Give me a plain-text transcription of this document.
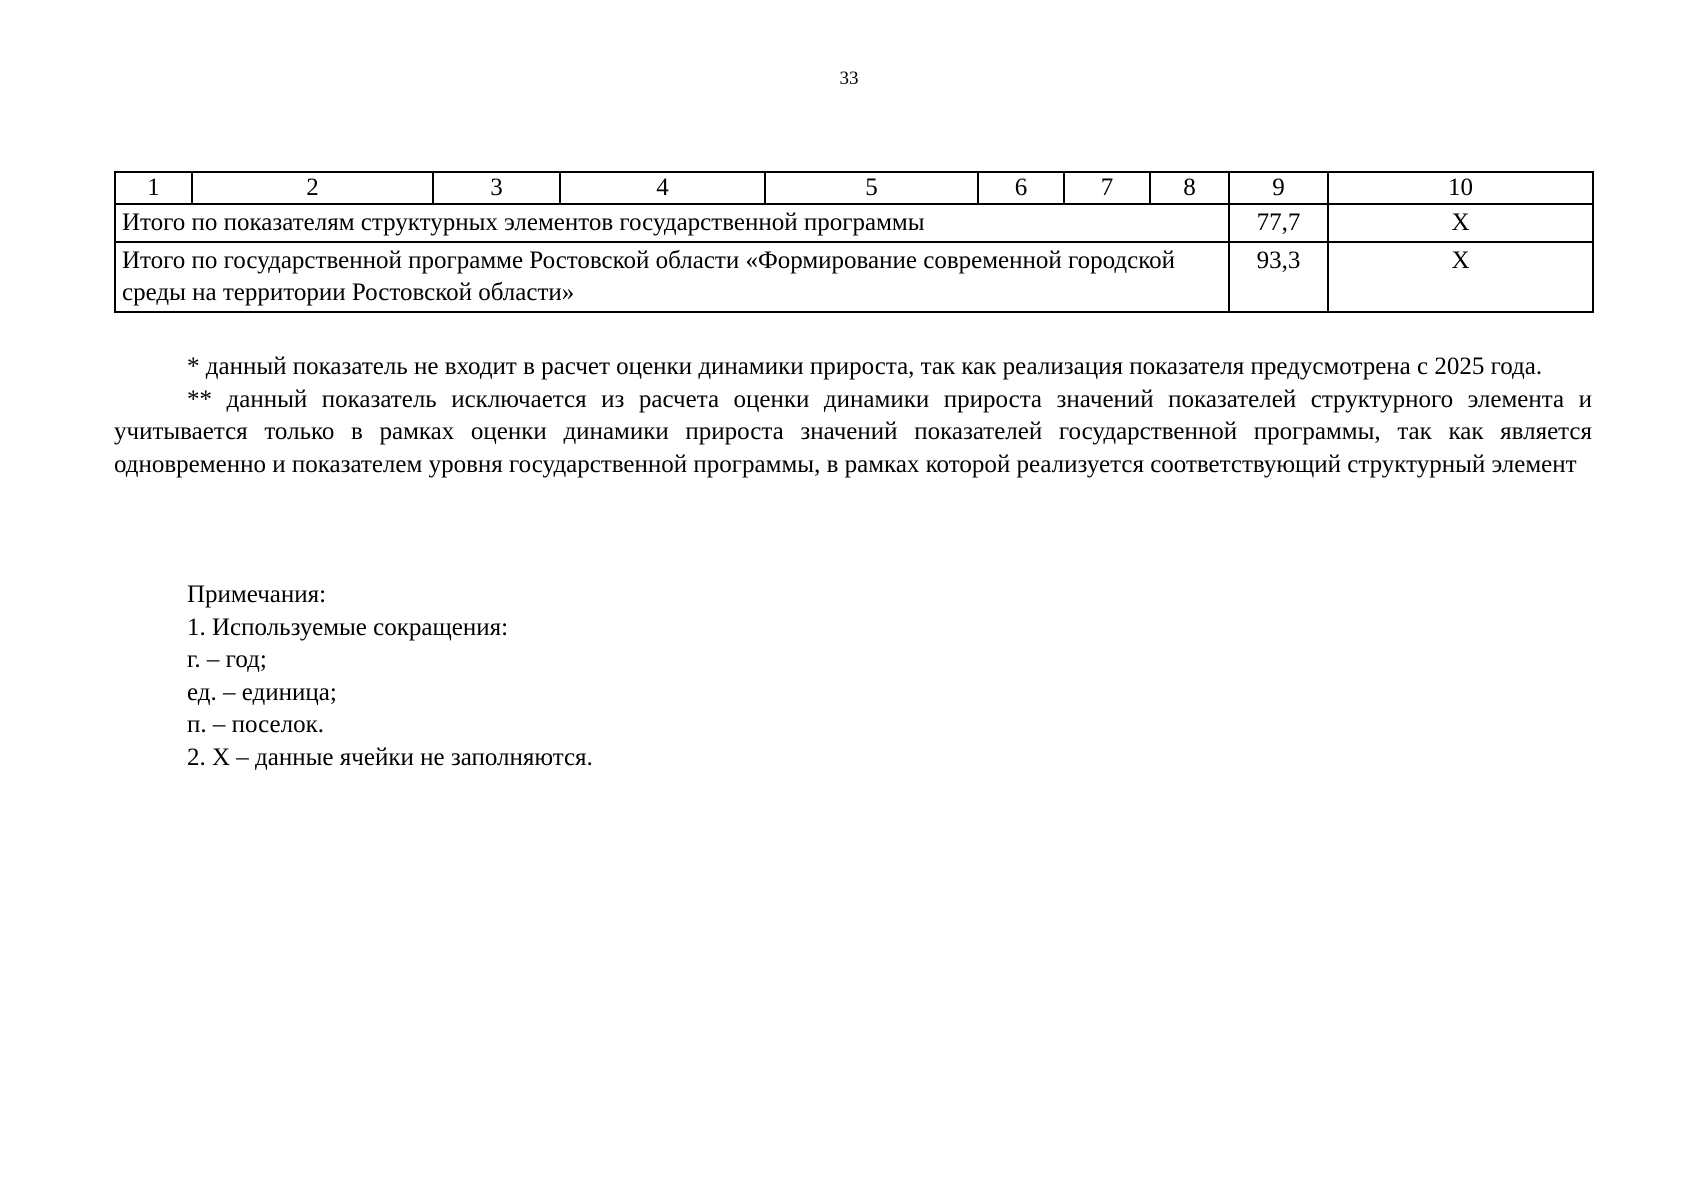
33
1	2	3	4	5	6	7	8	9	10
Итого по показателям структурных элементов государственной программы								77,7	X
Итого по государственной программе Ростовской области «Формирование современной городской среды на территории Ростовской области»								93,3	X

* данный показатель не входит в расчет оценки динамики прироста, так как реализация показателя предусмотрена с 2025 года.

** данный показатель исключается из расчета оценки динамики прироста значений показателей структурного элемента и учитывается только в рамках оценки динамики прироста значений показателей государственной программы, так как является одновременно и показателем уровня государственной программы, в рамках которой реализуется соответствующий структурный элемент

Примечания:
1. Используемые сокращения:
г. – год;
ед. – единица;
п. – поселок.
2. X – данные ячейки не заполняются.
